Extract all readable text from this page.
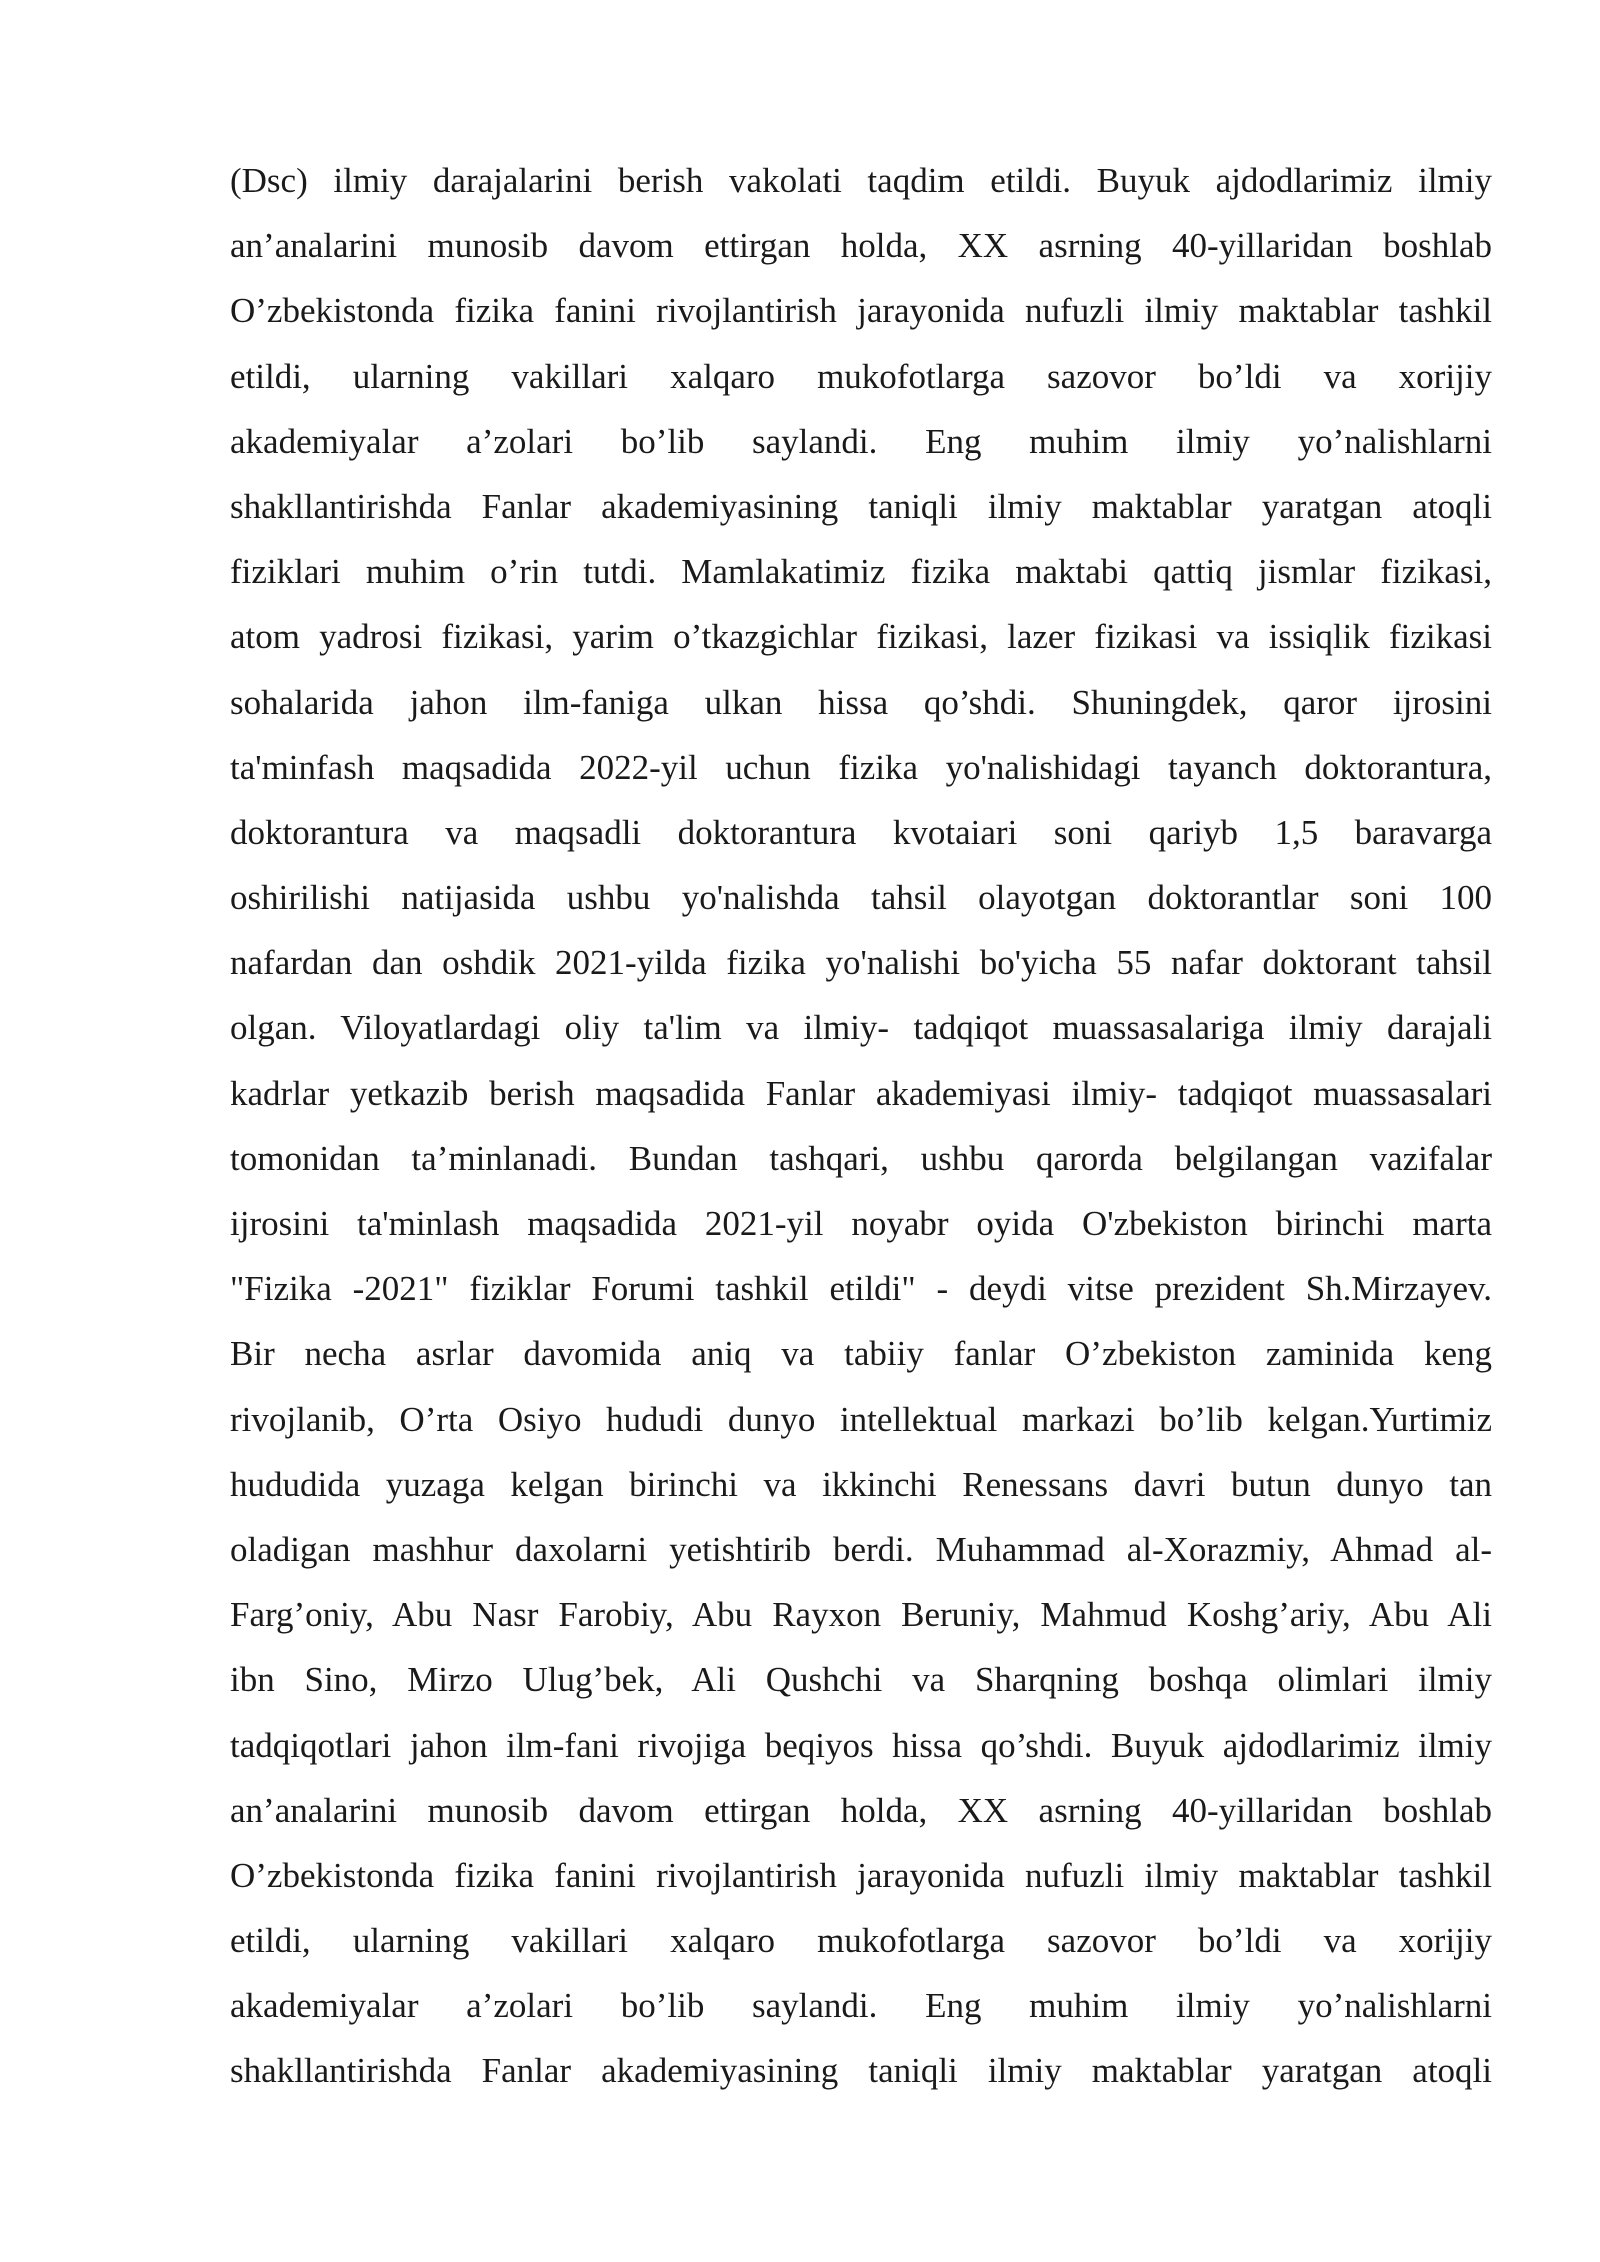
(Dsc) ilmiy darajalarini berish vakolati taqdim etildi. Buyuk ajdodlarimiz ilmiy
an’analarini munosib davom ettirgan holda, XX asrning 40-yillaridan boshlab
O’zbekistonda fizika fanini rivojlantirish jarayonida nufuzli ilmiy maktablar tashkil
etildi, ularning vakillari xalqaro mukofotlarga sazovor bo’ldi va xorijiy
akademiyalar a’zolari bo’lib saylandi. Eng muhim ilmiy yo’nalishlarni
shakllantirishda Fanlar akademiyasining taniqli ilmiy maktablar yaratgan atoqli
fiziklari muhim o’rin tutdi. Mamlakatimiz fizika maktabi qattiq jismlar fizikasi,
atom yadrosi fizikasi, yarim o’tkazgichlar fizikasi, lazer fizikasi va issiqlik fizikasi
sohalarida jahon ilm-faniga ulkan hissa qo’shdi. Shuningdek, qaror ijrosini
ta'minfash maqsadida 2022-yil uchun fizika yo'nalishidagi tayanch doktorantura,
doktorantura va maqsadli doktorantura kvotaiari soni qariyb 1,5 baravarga
oshirilishi natijasida ushbu yo'nalishda tahsil olayotgan doktorantlar soni 100
nafardan dan oshdik 2021-yilda fizika yo'nalishi bo'yicha 55 nafar doktorant tahsil
olgan. Viloyatlardagi oliy ta'lim va ilmiy- tadqiqot muassasalariga ilmiy darajali
kadrlar yetkazib berish maqsadida Fanlar akademiyasi ilmiy- tadqiqot muassasalari
tomonidan ta’minlanadi. Bundan tashqari, ushbu qarorda belgilangan vazifalar
ijrosini ta'minlash maqsadida 2021-yil noyabr oyida O'zbekiston birinchi marta
"Fizika -2021" fiziklar Forumi tashkil etildi" - deydi vitse prezident Sh.Mirzayev.
Bir necha asrlar davomida aniq va tabiiy fanlar O’zbekiston zaminida keng
rivojlanib, O’rta Osiyo hududi dunyo intellektual markazi bo’lib kelgan.Yurtimiz
hududida yuzaga kelgan birinchi va ikkinchi Renessans davri butun dunyo tan
oladigan mashhur daxolarni yetishtirib berdi. Muhammad al-Xorazmiy, Ahmad al-
Farg’oniy, Abu Nasr Farobiy, Abu Rayxon Beruniy, Mahmud Koshg’ariy, Abu Ali
ibn Sino, Mirzo Ulug’bek, Ali Qushchi va Sharqning boshqa olimlari ilmiy
tadqiqotlari jahon ilm-fani rivojiga beqiyos hissa qo’shdi. Buyuk ajdodlarimiz ilmiy
an’analarini munosib davom ettirgan holda, XX asrning 40-yillaridan boshlab
O’zbekistonda fizika fanini rivojlantirish jarayonida nufuzli ilmiy maktablar tashkil
etildi, ularning vakillari xalqaro mukofotlarga sazovor bo’ldi va xorijiy
akademiyalar a’zolari bo’lib saylandi. Eng muhim ilmiy yo’nalishlarni
shakllantirishda Fanlar akademiyasining taniqli ilmiy maktablar yaratgan atoqli
